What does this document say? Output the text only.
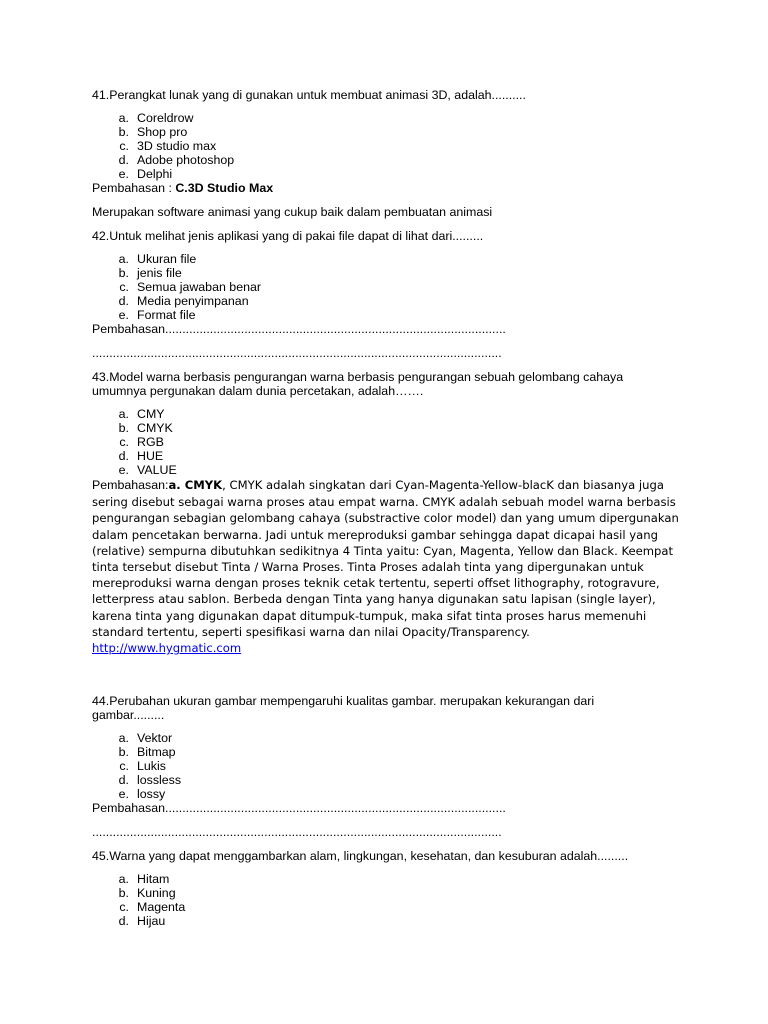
41.Perangkat lunak yang di gunakan untuk membuat animasi 3D, adalah..........

a. Coreldrow
b. Shop pro
c. 3D studio max
d. Adobe photoshop
e. Delphi

Pembahasan : C.3D Studio Max

Merupakan software animasi yang cukup baik dalam pembuatan animasi

42.Untuk melihat jenis aplikasi yang di pakai file dapat di lihat dari.........

a. Ukuran file
b. jenis file
c. Semua jawaban benar
d. Media penyimpanan
e. Format file

Pembahasan...................................................................................................

.......................................................................................................................

43.Model warna berbasis pengurangan warna berbasis pengurangan sebuah gelombang cahaya

umumnya pergunakan dalam dunia percetakan, adalah…….

a. CMY
b. CMYK
c. RGB
d. HUE
e. VALUE

Pembahasan:a. CMYK, CMYK adalah singkatan dari Cyan-Magenta-Yellow-blacK dan biasanya juga

sering disebut sebagai warna proses atau empat warna. CMYK adalah sebuah model warna berbasis
pengurangan sebagian gelombang cahaya (substractive color model) dan yang umum dipergunakan
dalam pencetakan berwarna. Jadi untuk mereproduksi gambar sehingga dapat dicapai hasil yang
(relative) sempurna dibutuhkan sedikitnya 4 Tinta yaitu: Cyan, Magenta, Yellow dan Black. Keempat
tinta tersebut disebut Tinta / Warna Proses. Tinta Proses adalah tinta yang dipergunakan untuk
mereproduksi warna dengan proses teknik cetak tertentu, seperti offset lithography, rotogravure,
letterpress atau sablon. Berbeda dengan Tinta yang hanya digunakan satu lapisan (single layer),
karena tinta yang digunakan dapat ditumpuk-tumpuk, maka sifat tinta proses harus memenuhi
standard tertentu, seperti spesifikasi warna dan nilai Opacity/Transparency.
http://www.hygmatic.com

44.Perubahan ukuran gambar mempengaruhi kualitas gambar. merupakan kekurangan dari

gambar.........

a. Vektor
b. Bitmap
c. Lukis
d. lossless
e. lossy

Pembahasan...................................................................................................

.......................................................................................................................

45.Warna yang dapat menggambarkan alam, lingkungan, kesehatan, dan kesuburan adalah.........

a. Hitam
b. Kuning
c. Magenta
d. Hijau
